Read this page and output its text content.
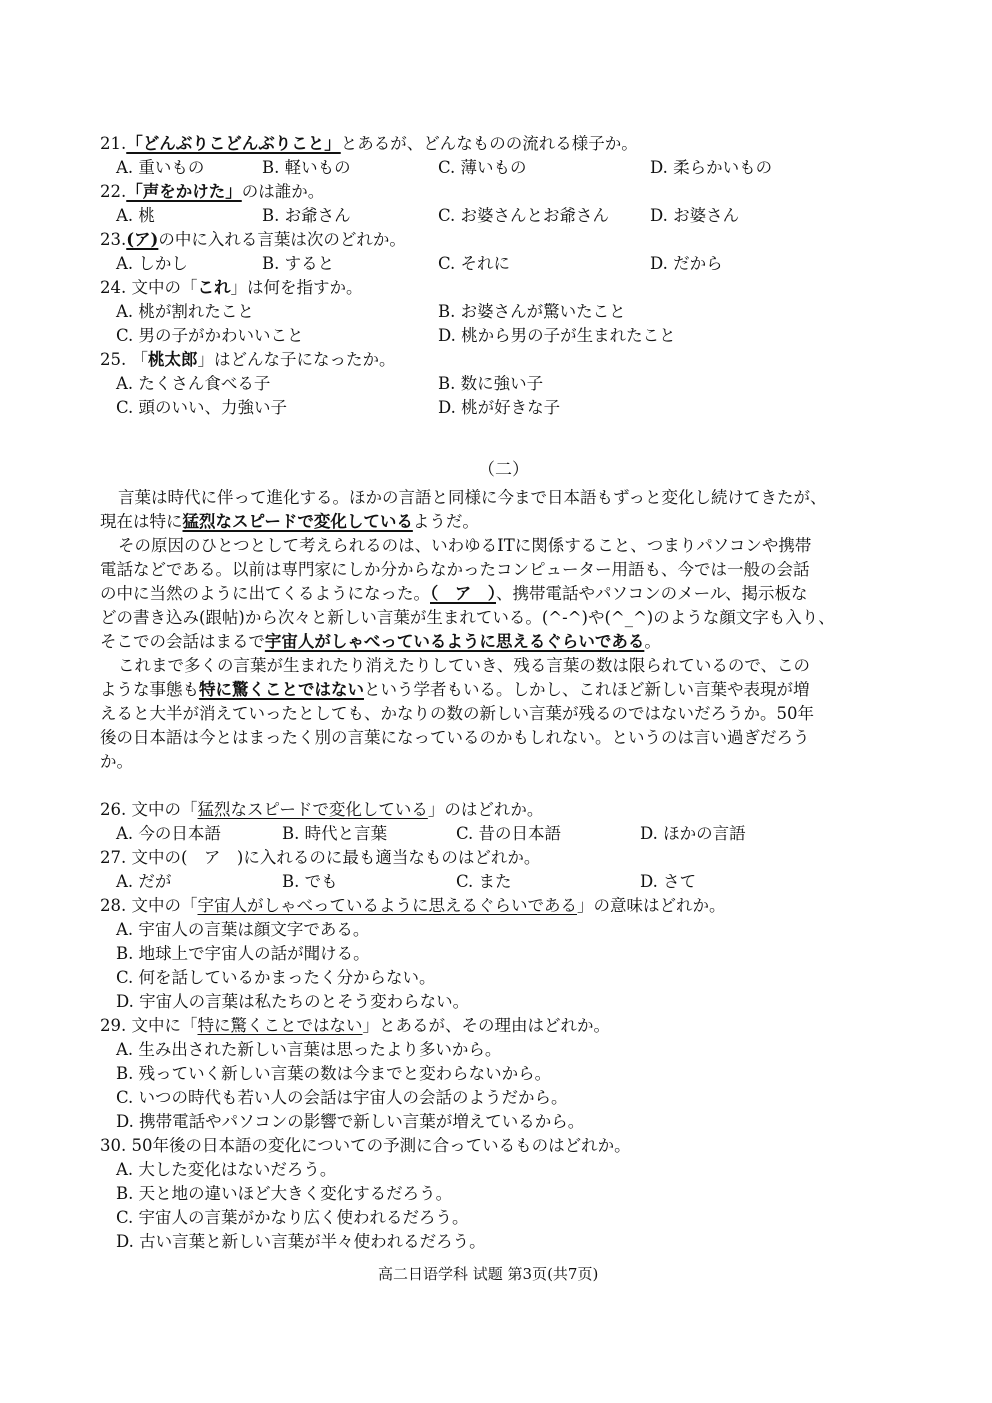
21.「どんぶりこどんぶりこと」とあるが、どんなものの流れる様子か。
A. 重いもの	B. 軽いもの	C. 薄いもの	D. 柔らかいもの
22.「声をかけた」のは誰か。
A. 桃	B. お爺さん	C. お婆さんとお爺さん D. お婆さん
23.(ア)の中に入れる言葉は次のどれか。
A. しかし	B. すると	C. それに	D. だから
24. 文中の「これ」は何を指すか。
A. 桃が割れたこと	B. お婆さんが驚いたこと
C. 男の子がかわいいこと	D. 桃から男の子が生まれたこと
25. 「桃太郎」はどんな子になったか。
A. たくさん食べる子	B. 数に強い子
C. 頭のいい、力強い子	D. 桃が好きな子
（二）
言葉は時代に伴って進化する。ほかの言語と同様に今まで日本語もずっと変化し続けてきたが、
現在は特に猛烈なスピードで変化しているようだ。
その原因のひとつとして考えられるのは、いわゆるITに関係すること、つまりパソコンや携帯
電話などである。以前は専門家にしか分からなかったコンピューター用語も、今では一般の会話
の中に当然のように出てくるようになった。（　ア　）、携帯電話やパソコンのメール、掲示板な
どの書き込み(跟帖)から次々と新しい言葉が生まれている。(^-^)や(^_^)のような顔文字も入り、
そこでの会話はまるで宇宙人がしゃべっているように思えるぐらいである。
これまで多くの言葉が生まれたり消えたりしていき、残る言葉の数は限られているので、この
ような事態も特に驚くことではないという学者もいる。しかし、これほど新しい言葉や表現が増
えると大半が消えていったとしても、かなりの数の新しい言葉が残るのではないだろうか。50年
後の日本語は今とはまったく別の言葉になっているのかもしれない。というのは言い過ぎだろう
か。
26. 文中の「猛烈なスピードで変化している」のはどれか。
A. 今の日本語	B. 時代と言葉	C. 昔の日本語	D. ほかの言語
27. 文中の(　ア　)に入れるのに最も適当なものはどれか。
A. だが	B. でも	C. また	D. さて
28. 文中の「宇宙人がしゃべっているように思えるぐらいである」の意味はどれか。
A. 宇宙人の言葉は顔文字である。
B. 地球上で宇宙人の話が聞ける。
C. 何を話しているかまったく分からない。
D. 宇宙人の言葉は私たちのとそう変わらない。
29. 文中に「特に驚くことではない」とあるが、その理由はどれか。
A. 生み出された新しい言葉は思ったより多いから。
B. 残っていく新しい言葉の数は今までと変わらないから。
C. いつの時代も若い人の会話は宇宙人の会話のようだから。
D. 携帯電話やパソコンの影響で新しい言葉が増えているから。
30. 50年後の日本語の変化についての予測に合っているものはどれか。
A. 大した変化はないだろう。
B. 天と地の違いほど大きく変化するだろう。
C. 宇宙人の言葉がかなり広く使われるだろう。
D. 古い言葉と新しい言葉が半々使われるだろう。
高二日语学科 试题 第3页(共7页)
